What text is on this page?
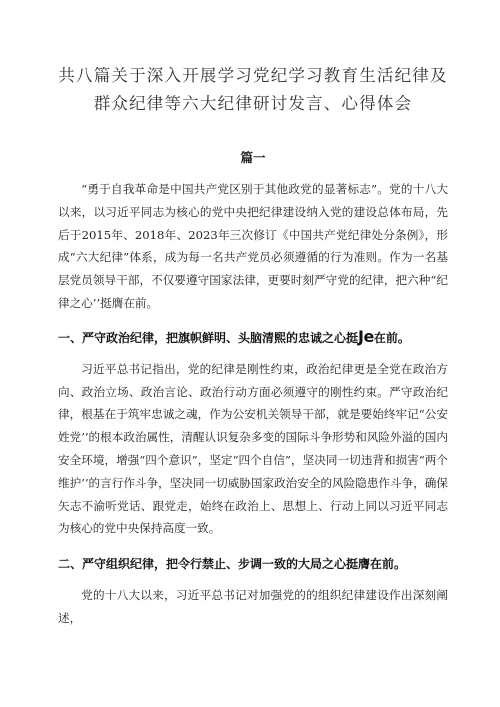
共八篇关于深入开展学习党纪学习教育生活纪律及
群众纪律等六大纪律研讨发言、心得体会
篇一

“勇于自我革命是中国共产党区别于其他政党的显著标志”。党的十八大以来，以习近平同志为核心的党中央把纪律建设纳入党的建设总体布局，先后于2015年、2018年、2023年三次修订《中国共产党纪律处分条例》，形成“六大纪律”体系，成为每一名共产党员必须遵循的行为准则。作为一名基层党员领导干部，不仅要遵守国家法律，更要时刻严守党的纪律，把六种“纪律之心’’挺膺在前。

一、严守政治纪律，把旗帜鲜明、头脑清熙的忠诚之心挺Je在前。

习近平总书记指出，党的纪律是刚性约束，政治纪律更是全党在政治方向、政治立场、政治言论、政治行动方面必须遵守的刚性约束。严守政治纪律，根基在于筑牢忠诚之魂，作为公安机关领导干部，就是要始终牢记“公安姓党’’的根本政治属性，清醒认识复杂多变的国际斗争形势和风险外溢的国内安全环境，增强“四个意识”，坚定“四个自信”，坚决同一切违背和损害“两个维护’’的言行作斗争，坚决同一切威胁国家政治安全的风险隐患作斗争，确保矢志不渝听党话、跟党走，始终在政治上、思想上、行动上同以习近平同志为核心的党中央保持高度一致。

二、严守组织纪律，把令行禁止、步调一致的大局之心挺膺在前。

党的十八大以来，习近平总书记对加强党的的组织纪律建设作出深刻阐述，
